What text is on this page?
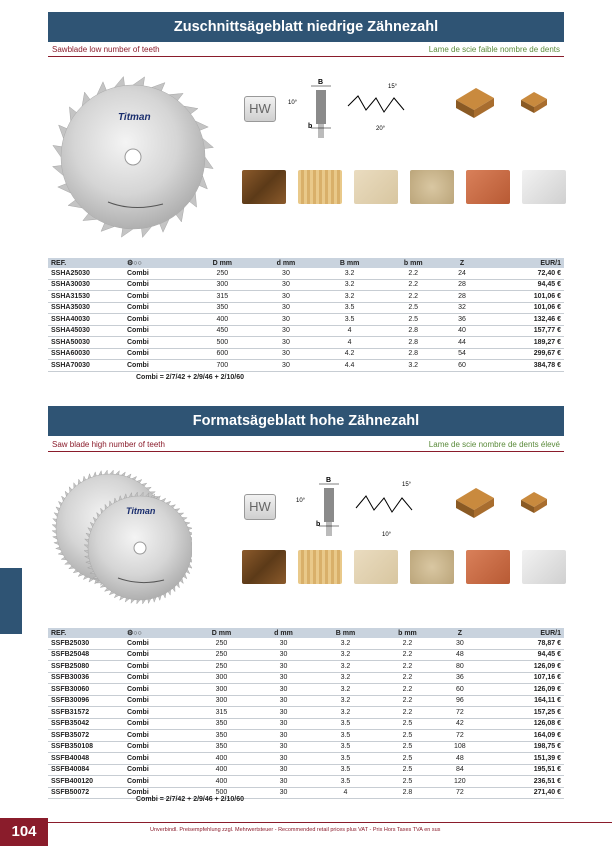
Zuschnittsägeblatt niedrige Zähnezahl
Sawblade low number of teeth	Lame de scie faible nombre de dents
Titman
HW
B
b
10°
15°
20°
REF.	⚙○○	D mm	d mm	B mm	b mm	Z	EUR/1
SSHA25030	Combi	250	30	3.2	2.2	24	72,40 €
SSHA30030	Combi	300	30	3.2	2.2	28	94,45 €
SSHA31530	Combi	315	30	3.2	2.2	28	101,06 €
SSHA35030	Combi	350	30	3.5	2.5	32	101,06 €
SSHA40030	Combi	400	30	3.5	2.5	36	132,46 €
SSHA45030	Combi	450	30	4	2.8	40	157,77 €
SSHA50030	Combi	500	30	4	2.8	44	189,27 €
SSHA60030	Combi	600	30	4.2	2.8	54	299,67 €
SSHA70030	Combi	700	30	4.4	3.2	60	384,78 €
Combi = 2/7/42 + 2/9/46 + 2/10/60
Formatsägeblatt hohe Zähnezahl
Saw blade high number of teeth	Lame de scie nombre de dents élevé
Titman	HW
B
b
10°
15°
10°
REF.	⚙○○	D mm	d mm	B mm	b mm	Z	EUR/1
SSFB25030	Combi	250	30	3.2	2.2	30	78,87 €
SSFB25048	Combi	250	30	3.2	2.2	48	94,45 €
SSFB25080	Combi	250	30	3.2	2.2	80	126,09 €
SSFB30036	Combi	300	30	3.2	2.2	36	107,16 €
SSFB30060	Combi	300	30	3.2	2.2	60	126,09 €
SSFB30096	Combi	300	30	3.2	2.2	96	164,11 €
SSFB31572	Combi	315	30	3.2	2.2	72	157,25 €
SSFB35042	Combi	350	30	3.5	2.5	42	126,08 €
SSFB35072	Combi	350	30	3.5	2.5	72	164,09 €
SSFB350108	Combi	350	30	3.5	2.5	108	198,75 €
SSFB40048	Combi	400	30	3.5	2.5	48	151,39 €
SSFB40084	Combi	400	30	3.5	2.5	84	195,51 €
SSFB400120	Combi	400	30	3.5	2.5	120	236,51 €
SSFB50072	Combi	500	30	4	2.8	72	271,40 €
Combi = 2/7/42 + 2/9/46 + 2/10/60
104	Unverbindl. Preisempfehlung zzgl. Mehrwertsteuer - Recommended retail prices plus VAT - Prix Hors Taxes TVA en sus
